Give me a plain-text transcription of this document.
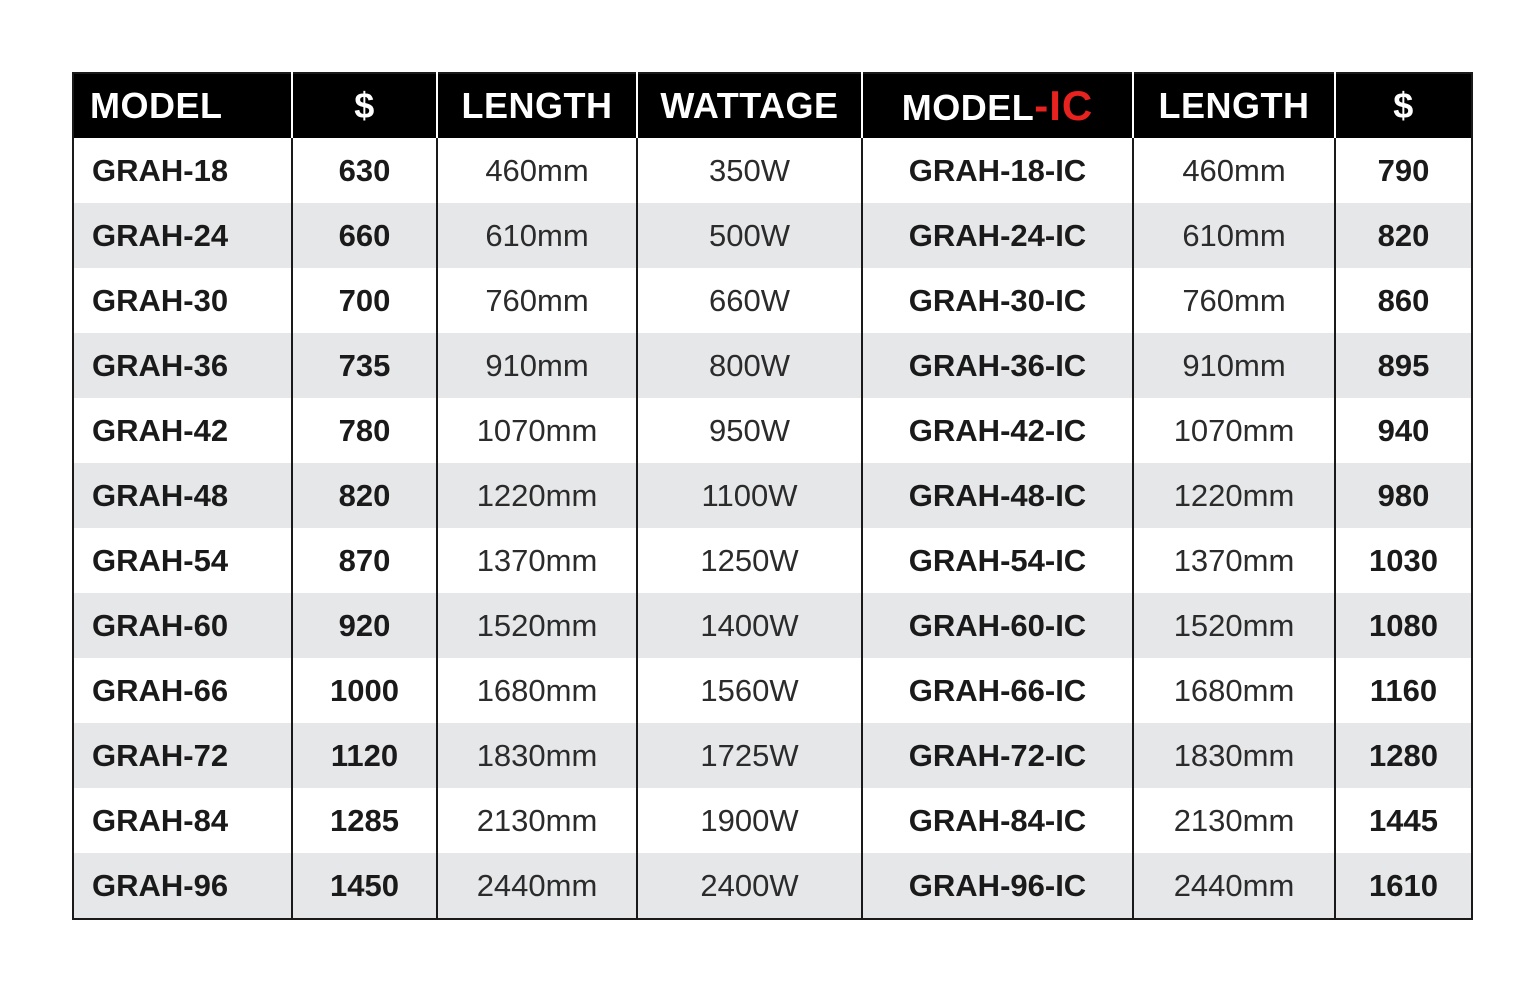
MODEL	$	LENGTH	WATTAGE	MODEL-IC	LENGTH	$
GRAH-18	630	460mm	350W	GRAH-18-IC	460mm	790
GRAH-24	660	610mm	500W	GRAH-24-IC	610mm	820
GRAH-30	700	760mm	660W	GRAH-30-IC	760mm	860
GRAH-36	735	910mm	800W	GRAH-36-IC	910mm	895
GRAH-42	780	1070mm	950W	GRAH-42-IC	1070mm	940
GRAH-48	820	1220mm	1100W	GRAH-48-IC	1220mm	980
GRAH-54	870	1370mm	1250W	GRAH-54-IC	1370mm	1030
GRAH-60	920	1520mm	1400W	GRAH-60-IC	1520mm	1080
GRAH-66	1000	1680mm	1560W	GRAH-66-IC	1680mm	1160
GRAH-72	1120	1830mm	1725W	GRAH-72-IC	1830mm	1280
GRAH-84	1285	2130mm	1900W	GRAH-84-IC	2130mm	1445
GRAH-96	1450	2440mm	2400W	GRAH-96-IC	2440mm	1610
